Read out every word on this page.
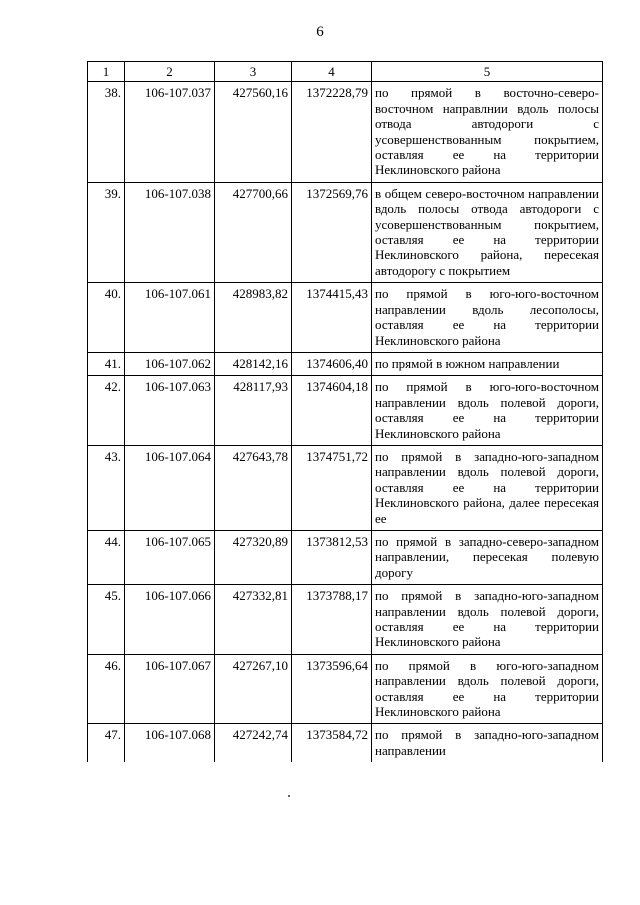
6
1	2	3	4	5
38.	106-107.037	427560,16	1372228,79	по прямой в восточно-северо-восточном направлнии вдоль полосы отвода автодороги с усовершенствованным покрытием, оставляя ее на территории Неклиновского района
39.	106-107.038	427700,66	1372569,76	в общем северо-восточном направлении вдоль полосы отвода автодороги с усовершенствованным покрытием, оставляя ее на территории Неклиновского района, пересекая автодорогу с покрытием
40.	106-107.061	428983,82	1374415,43	по прямой в юго-юго-восточном направлении вдоль лесополосы, оставляя ее на территории Неклиновского района
41.	106-107.062	428142,16	1374606,40	по прямой в южном направлении
42.	106-107.063	428117,93	1374604,18	по прямой в юго-юго-восточном направлении вдоль полевой дороги, оставляя ее на территории Неклиновского района
43.	106-107.064	427643,78	1374751,72	по прямой в западно-юго-западном направлении вдоль полевой дороги, оставляя ее на территории Неклиновского района, далее пересекая ее
44.	106-107.065	427320,89	1373812,53	по прямой в западно-северо-западном направлении, пересекая полевую дорогу
45.	106-107.066	427332,81	1373788,17	по прямой в западно-юго-западном направлении вдоль полевой дороги, оставляя ее на территории Неклиновского района
46.	106-107.067	427267,10	1373596,64	по прямой в юго-юго-западном направлении вдоль полевой дороги, оставляя ее на территории Неклиновского района
47.	106-107.068	427242,74	1373584,72	по прямой в западно-юго-западном направлении
